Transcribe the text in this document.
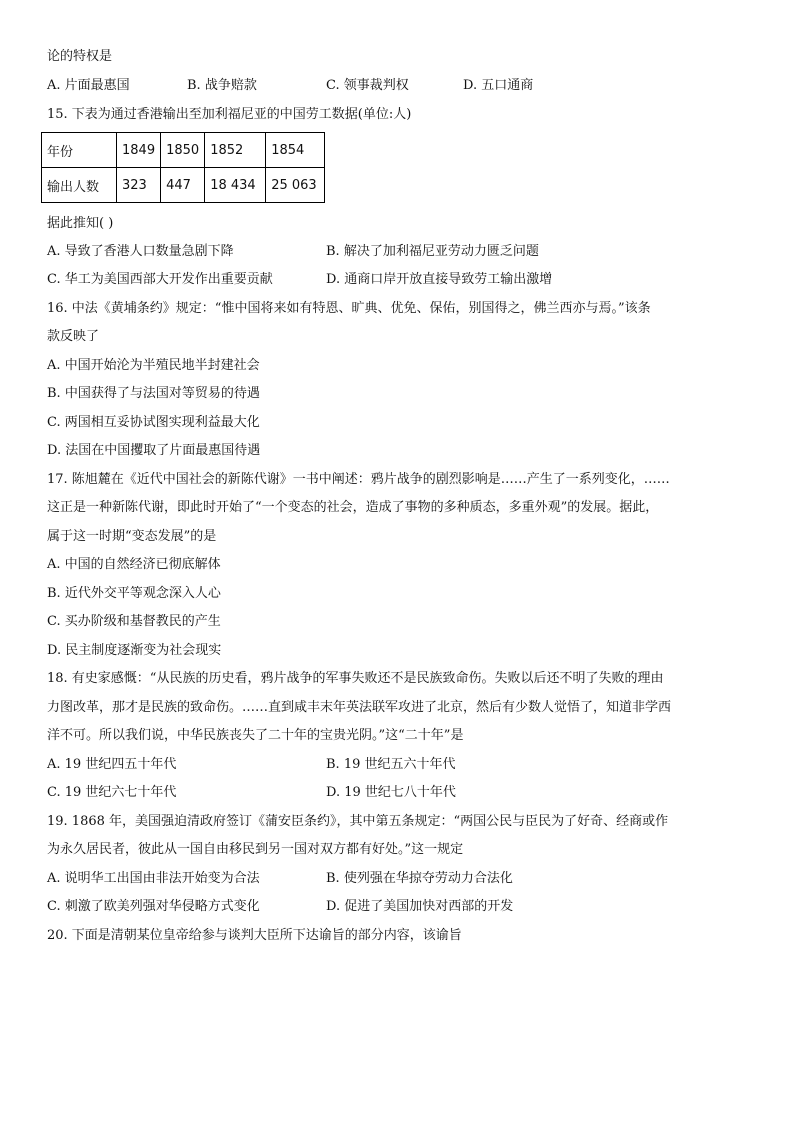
论的特权是
A. 片面最惠国	B. 战争赔款	C. 领事裁判权	D. 五口通商
15. 下表为通过香港输出至加利福尼亚的中国劳工数据(单位:人)
年份	1849	1850	1852	1854
输出人数	323	447	18 434	25 063
据此推知( )
A. 导致了香港人口数量急剧下降	B. 解决了加利福尼亚劳动力匮乏问题
C. 华工为美国西部大开发作出重要贡献	D. 通商口岸开放直接导致劳工输出激增
16. 中法《黄埔条约》规定：“惟中国将来如有特恩、旷典、优免、保佑，别国得之，佛兰西亦与焉。”该条
款反映了
A. 中国开始沦为半殖民地半封建社会
B. 中国获得了与法国对等贸易的待遇
C. 两国相互妥协试图实现利益最大化
D. 法国在中国攫取了片面最惠国待遇
17. 陈旭麓在《近代中国社会的新陈代谢》一书中阐述：鸦片战争的剧烈影响是……产生了一系列变化，……
这正是一种新陈代谢，即此时开始了“一个变态的社会，造成了事物的多种质态，多重外观”的发展。据此，
属于这一时期“变态发展”的是
A. 中国的自然经济已彻底解体
B. 近代外交平等观念深入人心
C. 买办阶级和基督教民的产生
D. 民主制度逐渐变为社会现实
18. 有史家感慨：“从民族的历史看，鸦片战争的军事失败还不是民族致命伤。失败以后还不明了失败的理由
力图改革，那才是民族的致命伤。……直到咸丰末年英法联军攻进了北京，然后有少数人觉悟了，知道非学西
洋不可。所以我们说，中华民族丧失了二十年的宝贵光阴。”这“二十年”是
A. 19 世纪四五十年代	B. 19 世纪五六十年代
C. 19 世纪六七十年代	D. 19 世纪七八十年代
19. 1868 年，美国强迫清政府签订《蒲安臣条约》，其中第五条规定：“两国公民与臣民为了好奇、经商或作
为永久居民者，彼此从一国自由移民到另一国对双方都有好处。”这一规定
A. 说明华工出国由非法开始变为合法	B. 使列强在华掠夺劳动力合法化
C. 刺激了欧美列强对华侵略方式变化	D. 促进了美国加快对西部的开发
20. 下面是清朝某位皇帝给参与谈判大臣所下达谕旨的部分内容，该谕旨
